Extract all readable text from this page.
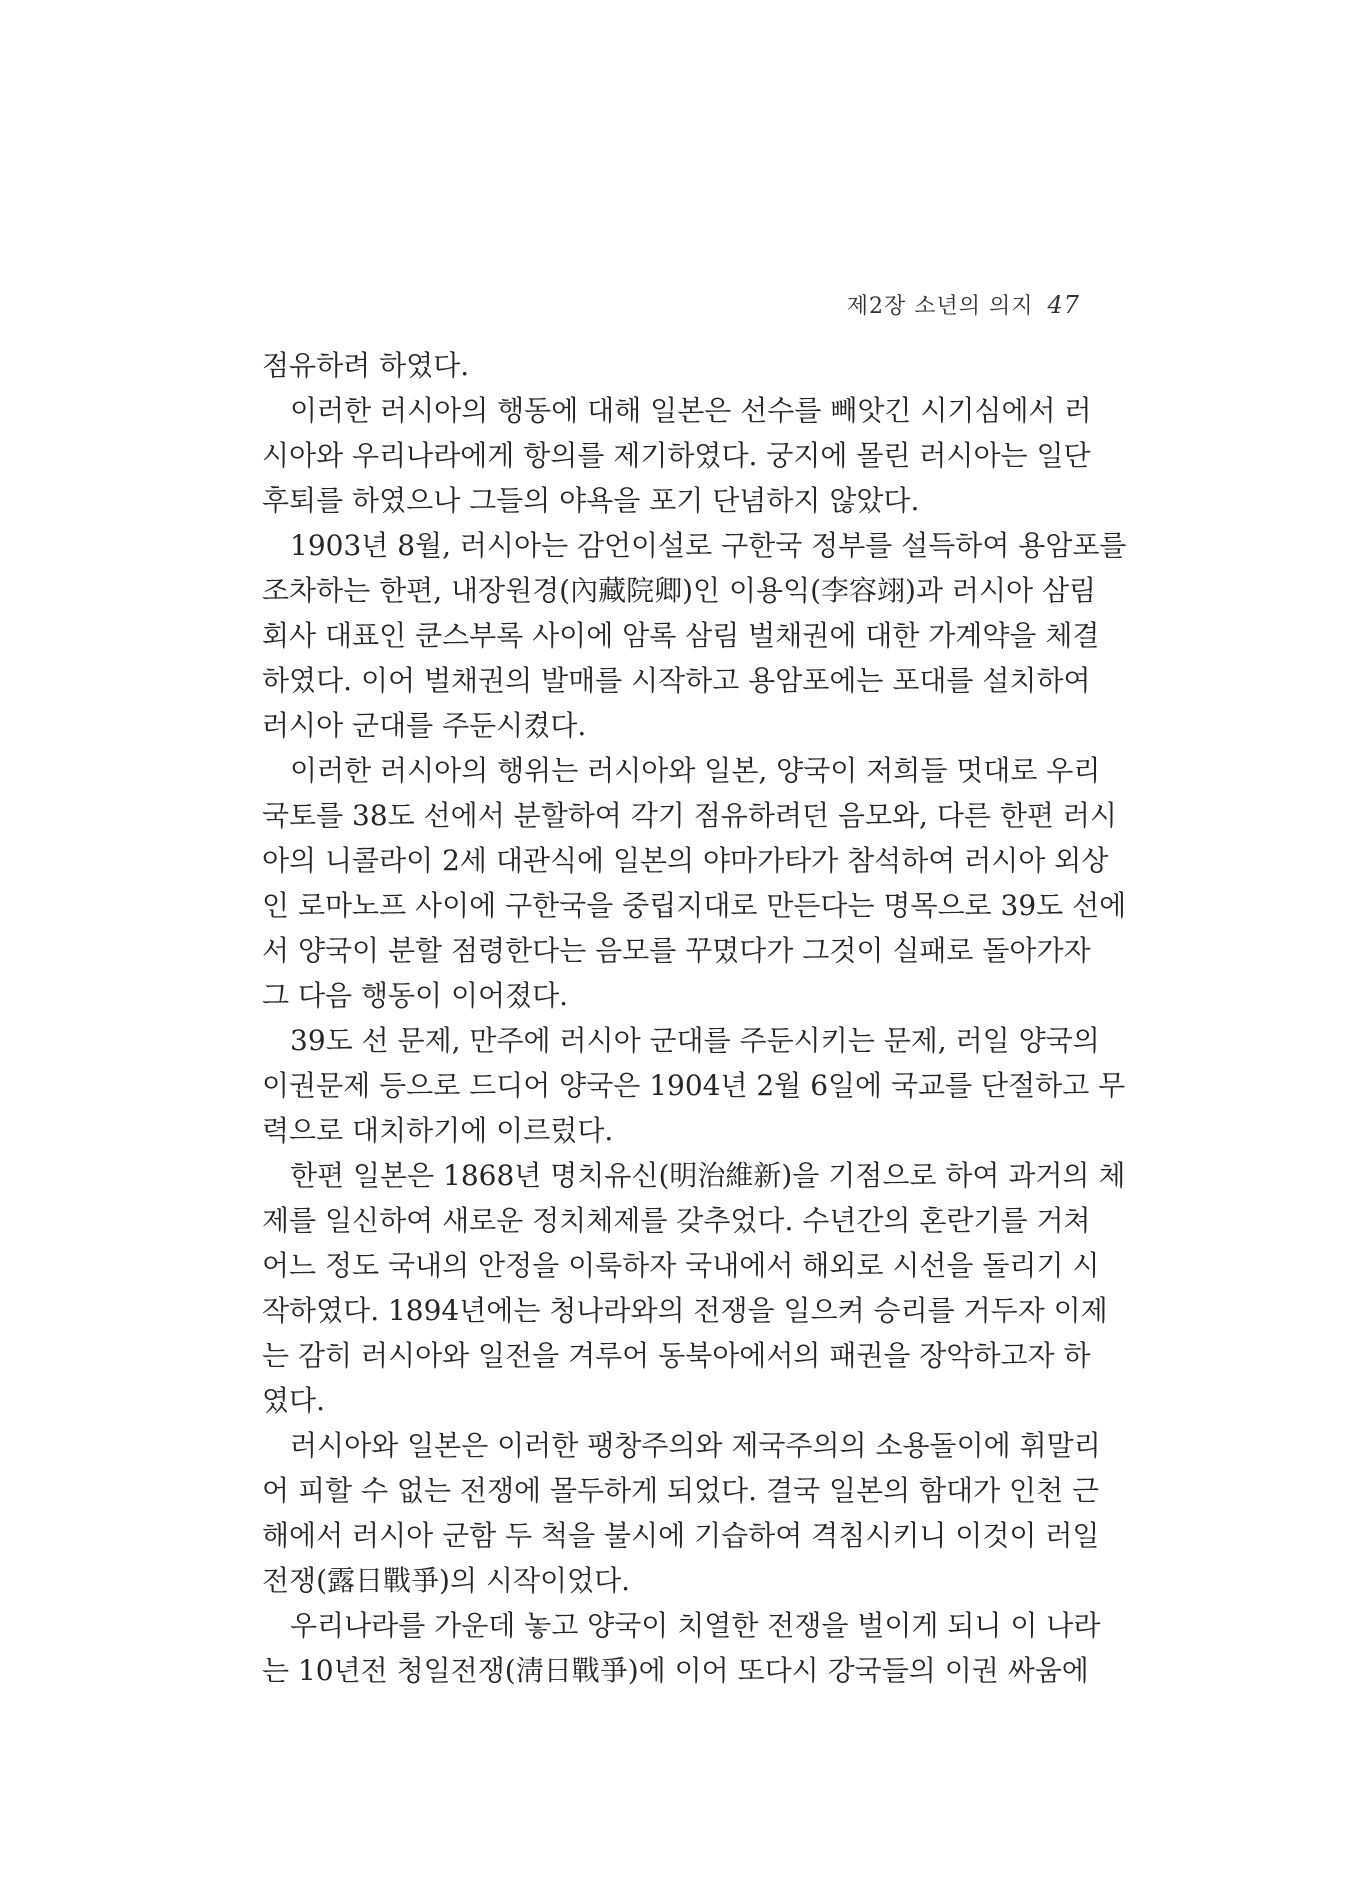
제2장 소년의 의지 47
점유하려 하였다.
이러한 러시아의 행동에 대해 일본은 선수를 빼앗긴 시기심에서 러
시아와 우리나라에게 항의를 제기하였다. 궁지에 몰린 러시아는 일단
후퇴를 하였으나 그들의 야욕을 포기 단념하지 않았다.
1903년 8월, 러시아는 감언이설로 구한국 정부를 설득하여 용암포를
조차하는 한편, 내장원경(內藏院卿)인 이용익(李容翊)과 러시아 삼림
회사 대표인 쿤스부록 사이에 암록 삼림 벌채권에 대한 가계약을 체결
하였다. 이어 벌채권의 발매를 시작하고 용암포에는 포대를 설치하여
러시아 군대를 주둔시켰다.
이러한 러시아의 행위는 러시아와 일본, 양국이 저희들 멋대로 우리
국토를 38도 선에서 분할하여 각기 점유하려던 음모와, 다른 한편 러시
아의 니콜라이 2세 대관식에 일본의 야마가타가 참석하여 러시아 외상
인 로마노프 사이에 구한국을 중립지대로 만든다는 명목으로 39도 선에
서 양국이 분할 점령한다는 음모를 꾸몄다가 그것이 실패로 돌아가자
그 다음 행동이 이어졌다.
39도 선 문제, 만주에 러시아 군대를 주둔시키는 문제, 러일 양국의
이권문제 등으로 드디어 양국은 1904년 2월 6일에 국교를 단절하고 무
력으로 대치하기에 이르렀다.
한편 일본은 1868년 명치유신(明治維新)을 기점으로 하여 과거의 체
제를 일신하여 새로운 정치체제를 갖추었다. 수년간의 혼란기를 거쳐
어느 정도 국내의 안정을 이룩하자 국내에서 해외로 시선을 돌리기 시
작하였다. 1894년에는 청나라와의 전쟁을 일으켜 승리를 거두자 이제
는 감히 러시아와 일전을 겨루어 동북아에서의 패권을 장악하고자 하
였다.
러시아와 일본은 이러한 팽창주의와 제국주의의 소용돌이에 휘말리
어 피할 수 없는 전쟁에 몰두하게 되었다. 결국 일본의 함대가 인천 근
해에서 러시아 군함 두 척을 불시에 기습하여 격침시키니 이것이 러일
전쟁(露日戰爭)의 시작이었다.
우리나라를 가운데 놓고 양국이 치열한 전쟁을 벌이게 되니 이 나라
는 10년전 청일전쟁(淸日戰爭)에 이어 또다시 강국들의 이권 싸움에
